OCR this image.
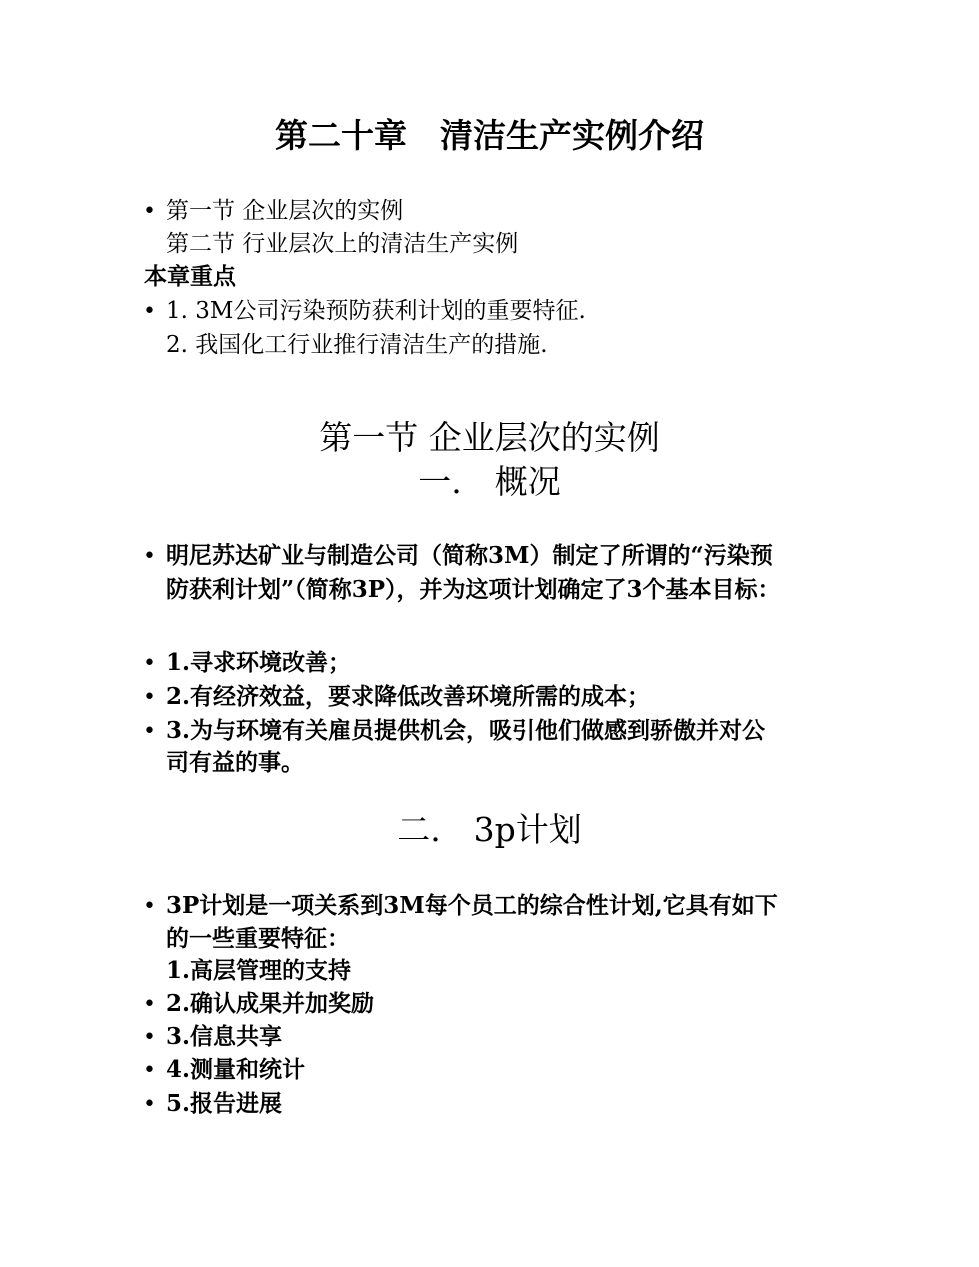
第二十章　清洁生产实例介绍
• 第一节 企业层次的实例
第二节 行业层次上的清洁生产实例
本章重点
• 1. 3M公司污染预防获利计划的重要特征.
2. 我国化工行业推行清洁生产的措施.
第一节 企业层次的实例
一.　概况
• 明尼苏达矿业与制造公司（简称3M）制定了所谓的“污染预
防获利计划”（简称3P），并为这项计划确定了3个基本目标：
• 1.寻求环境改善；
• 2.有经济效益，要求降低改善环境所需的成本；
• 3.为与环境有关雇员提供机会，吸引他们做感到骄傲并对公
司有益的事。
二.　3p计划
• 3P计划是一项关系到3M每个员工的综合性计划,它具有如下
的一些重要特征：
1.高层管理的支持
• 2.确认成果并加奖励
• 3.信息共享
• 4.测量和统计
• 5.报告进展
